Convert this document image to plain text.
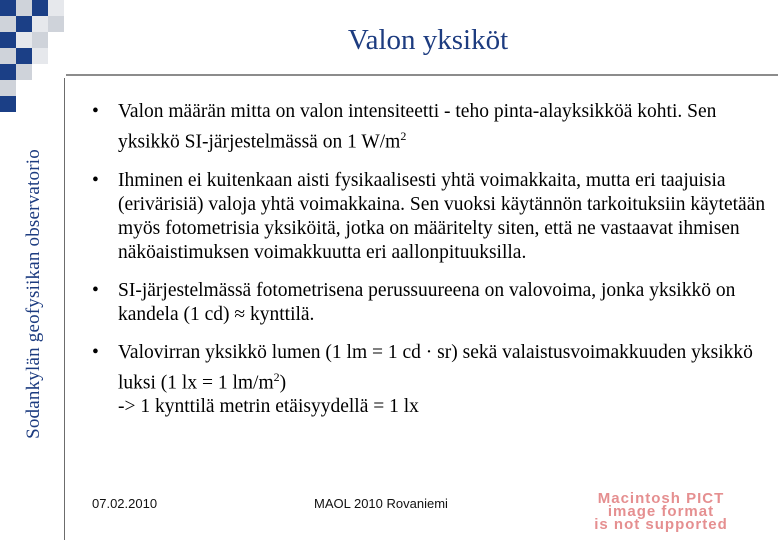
Sodankylän geofysiikan observatorio
Valon yksiköt
• Valon määrän mitta on valon intensiteetti - teho pinta-alayksikköä kohti. Sen yksikkö SI-järjestelmässä on 1 $W/m^2$
• Ihminen ei kuitenkaan aisti fysikaalisesti yhtä voimakkaita, mutta eri taajuisia (erivärisiä) valoja yhtä voimakkaina. Sen vuoksi käytännön tarkoituksiin käytetään myös fotometrisia yksiköitä, jotka on määritelty siten, että ne vastaavat ihmisen näköaistimuksen voimakkuutta eri aallonpituuksilla.
• SI-järjestelmässä fotometrisena perussuureena on valovoima, jonka yksikkö on kandela (1 cd) ≈ kynttilä.
• Valovirran yksikkö lumen (1 lm = 1 cd · sr) sekä valaistusvoimakkuuden yksikkö luksi (1 lx = 1 $lm/m^2$)
-> 1 kynttilä metrin etäisyydellä = 1 lx
07.02.2010	MAOL 2010 Rovaniemi	Macintosh PICT
image format
is not supported
